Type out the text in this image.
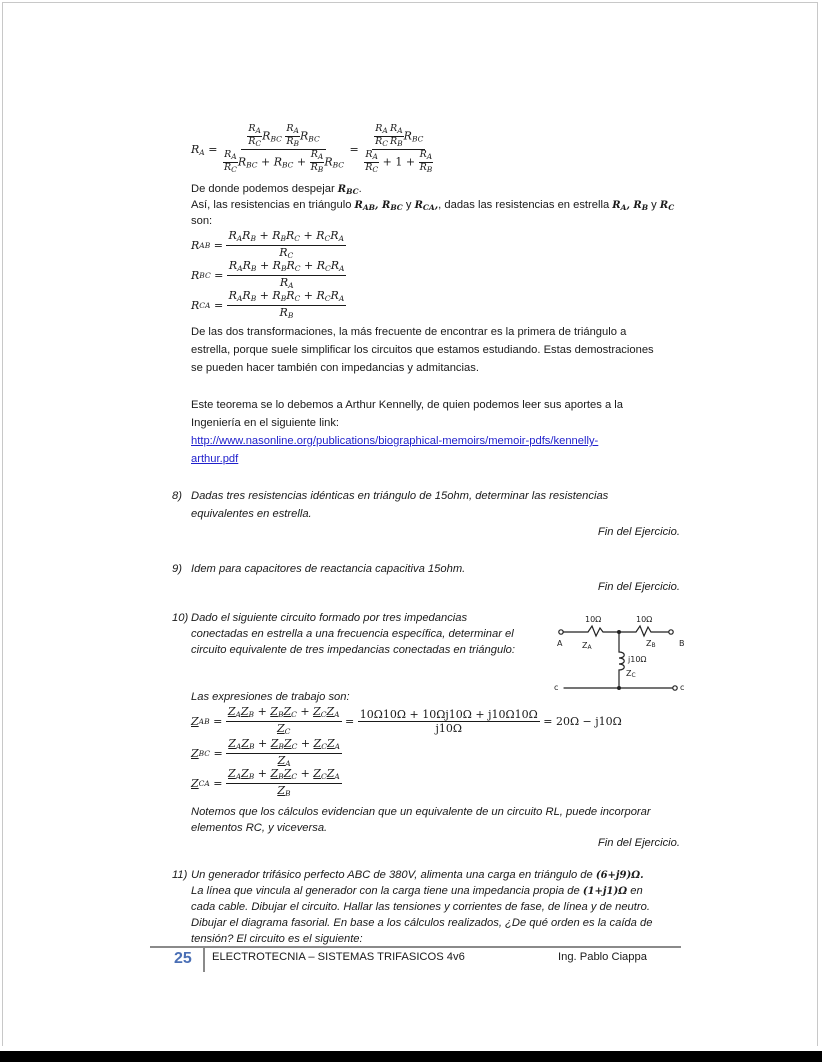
$R_A = \frac{\frac{R_A}{R_C} R_{BC} \frac{R_A}{R_B} R_{BC}}{\frac{R_A}{R_C} R_{BC} + R_{BC} + \frac{R_A}{R_B} R_{BC}} = \frac{\frac{R_A}{R_C} \frac{R_A}{R_B} R_{BC}}{\frac{R_A}{R_C} + 1 + \frac{R_A}{R_B}}$
De donde podemos despejar $R_{BC}$.
Así, las resistencias en triángulo $R_{AB}$, $R_{BC}$ y $R_{CA}$,, dadas las resistencias en estrella $R_A$, $R_B$ y $R_C$
son:
R AB = $\frac{R_AR_B + R_BR_C + R_CR_A}{R_C}$
R BC = $\frac{R_AR_B + R_BR_C + R_CR_A}{R_A}$
R CA = $\frac{R_AR_B + R_BR_C + R_CR_A}{R_B}$
De las dos transformaciones, la más frecuente de encontrar es la primera de triángulo a
estrella, porque suele simplificar los circuitos que estamos estudiando. Estas demostraciones
se pueden hacer también con impedancias y admitancias.
Este teorema se lo debemos a Arthur Kennelly, de quien podemos leer sus aportes a la
Ingeniería en el siguiente link:
http://www.nasonline.org/publications/biographical-memoirs/memoir-pdfs/kennelly-
arthur.pdf
8) Dadas tres resistencias idénticas en triángulo de 15ohm, determinar las resistencias
equivalentes en estrella.
Fin del Ejercicio.
9) Idem para capacitores de reactancia capacitiva 15ohm.
Fin del Ejercicio.
10) Dado el siguiente circuito formado por tres impedancias
conectadas en estrella a una frecuencia específica, determinar el
circuito equivalente de tres impedancias conectadas en triángulo:
A
10Ω
ZA
10Ω
ZB	B
j10Ω
ZC
c	c
Las expresiones de trabajo son:
Z AB = $\frac{Z_AZ_B + Z_BZ_C + Z_CZ_A}{Z_C} = \frac{10\Omega 10\Omega + 10\Omega j10\Omega + j10\Omega 10\Omega}{j10\Omega}$
= 20Ω − j10Ω
Z BC = $\frac{Z_AZ_B + Z_BZ_C + Z_CZ_A}{Z_A}$
Z CA = $\frac{Z_AZ_B + Z_BZ_C + Z_CZ_A}{Z_B}$
Notemos que los cálculos evidencian que un equivalente de un circuito RL, puede incorporar
elementos RC, y viceversa.
Fin del Ejercicio.
11) Un generador trifásico perfecto ABC de 380V, alimenta una carga en triángulo de (6+j9)Ω.
La línea que vincula al generador con la carga tiene una impedancia propia de (1+j1)Ω en
cada cable. Dibujar el circuito. Hallar las tensiones y corrientes de fase, de línea y de neutro.
Dibujar el diagrama fasorial. En base a los cálculos realizados, ¿De qué orden es la caída de
tensión? El circuito es el siguiente:
25 ELECTROTECNIA – SISTEMAS TRIFASICOS 4v6	Ing. Pablo Ciappa
